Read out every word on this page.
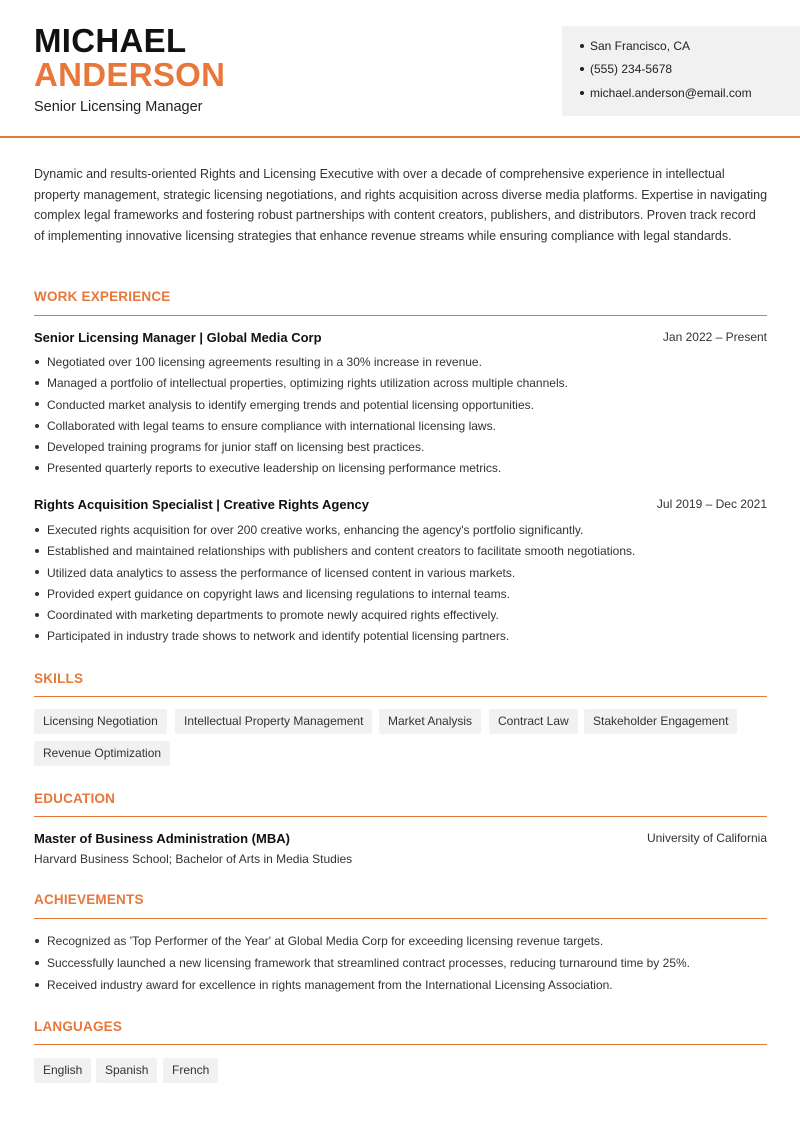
MICHAEL
ANDERSON
Senior Licensing Manager
San Francisco, CA
(555) 234-5678
michael.anderson@email.com
Dynamic and results-oriented Rights and Licensing Executive with over a decade of comprehensive experience in intellectual property management, strategic licensing negotiations, and rights acquisition across diverse media platforms. Expertise in navigating complex legal frameworks and fostering robust partnerships with content creators, publishers, and distributors. Proven track record of implementing innovative licensing strategies that enhance revenue streams while ensuring compliance with legal standards.
WORK EXPERIENCE
Senior Licensing Manager | Global Media Corp	Jan 2022 – Present
Negotiated over 100 licensing agreements resulting in a 30% increase in revenue.
Managed a portfolio of intellectual properties, optimizing rights utilization across multiple channels.
Conducted market analysis to identify emerging trends and potential licensing opportunities.
Collaborated with legal teams to ensure compliance with international licensing laws.
Developed training programs for junior staff on licensing best practices.
Presented quarterly reports to executive leadership on licensing performance metrics.
Rights Acquisition Specialist | Creative Rights Agency	Jul 2019 – Dec 2021
Executed rights acquisition for over 200 creative works, enhancing the agency's portfolio significantly.
Established and maintained relationships with publishers and content creators to facilitate smooth negotiations.
Utilized data analytics to assess the performance of licensed content in various markets.
Provided expert guidance on copyright laws and licensing regulations to internal teams.
Coordinated with marketing departments to promote newly acquired rights effectively.
Participated in industry trade shows to network and identify potential licensing partners.
SKILLS
Licensing Negotiation	Intellectual Property Management	Market Analysis	Contract Law	Stakeholder Engagement
Revenue Optimization
EDUCATION
Master of Business Administration (MBA)	University of California
Harvard Business School; Bachelor of Arts in Media Studies
ACHIEVEMENTS
Recognized as 'Top Performer of the Year' at Global Media Corp for exceeding licensing revenue targets.
Successfully launched a new licensing framework that streamlined contract processes, reducing turnaround time by 25%.
Received industry award for excellence in rights management from the International Licensing Association.
LANGUAGES
English	Spanish	French
